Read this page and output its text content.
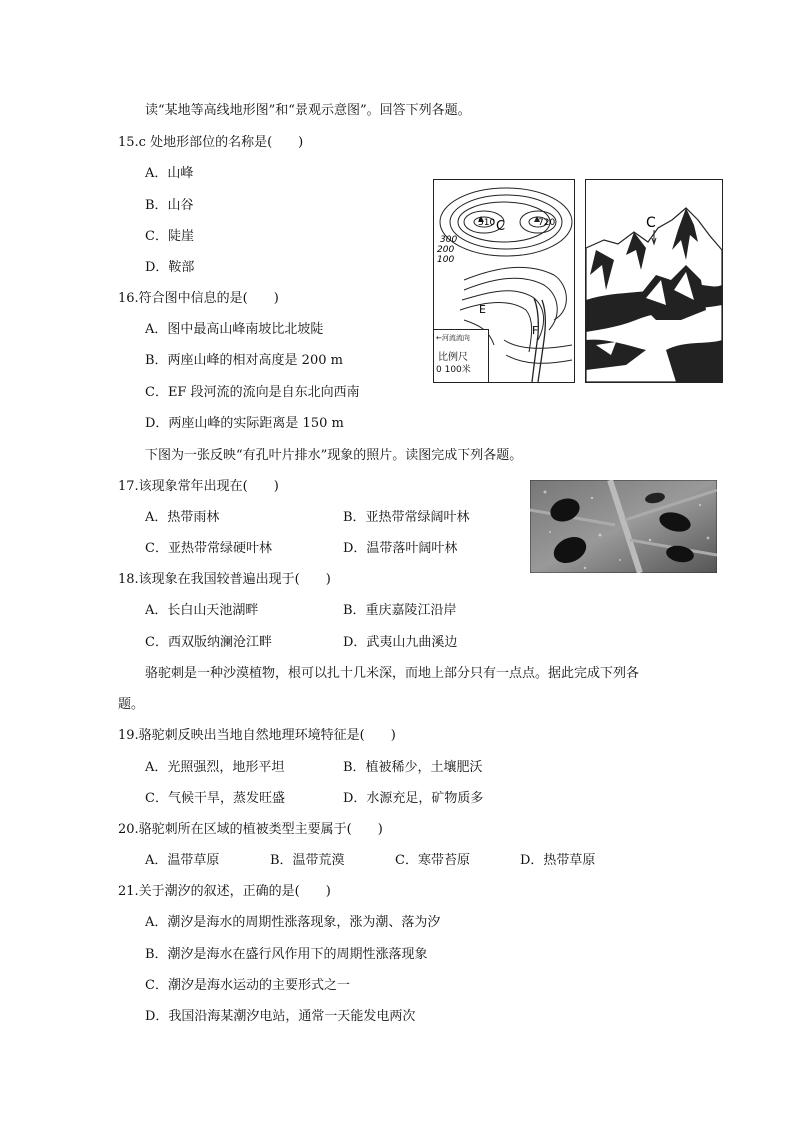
读“某地等高线地形图”和“景观示意图”。回答下列各题。
15.c 处地形部位的名称是(　　)
A．山峰
B．山谷
C．陡崖
D．鞍部
16.符合图中信息的是(　　)
A．图中最高山峰南坡比北坡陡
B．两座山峰的相对高度是 200 m
C．EF 段河流的流向是自东北向西南
D．两座山峰的实际距离是 150 m
510	720
C
300
200
100
E
F
←河流流向
比例尺
0 100米
C
下图为一张反映“有孔叶片排水”现象的照片。读图完成下列各题。
17.该现象常年出现在(　　)
A．热带雨林	B．亚热带常绿阔叶林
C．亚热带常绿硬叶林	D．温带落叶阔叶林
18.该现象在我国较普遍出现于(　　)
A．长白山天池湖畔	B．重庆嘉陵江沿岸
C．西双版纳澜沧江畔	D．武夷山九曲溪边
骆驼刺是一种沙漠植物，根可以扎十几米深，而地上部分只有一点点。据此完成下列各
题。
19.骆驼刺反映出当地自然地理环境特征是(　　)
A．光照强烈，地形平坦	B．植被稀少，土壤肥沃
C．气候干旱，蒸发旺盛	D．水源充足，矿物质多
20.骆驼刺所在区域的植被类型主要属于(　　)
A．温带草原	B．温带荒漠	C．寒带苔原	D．热带草原
21.关于潮汐的叙述，正确的是(　　)
A．潮汐是海水的周期性涨落现象，涨为潮、落为汐
B．潮汐是海水在盛行风作用下的周期性涨落现象
C．潮汐是海水运动的主要形式之一
D．我国沿海某潮汐电站，通常一天能发电两次
